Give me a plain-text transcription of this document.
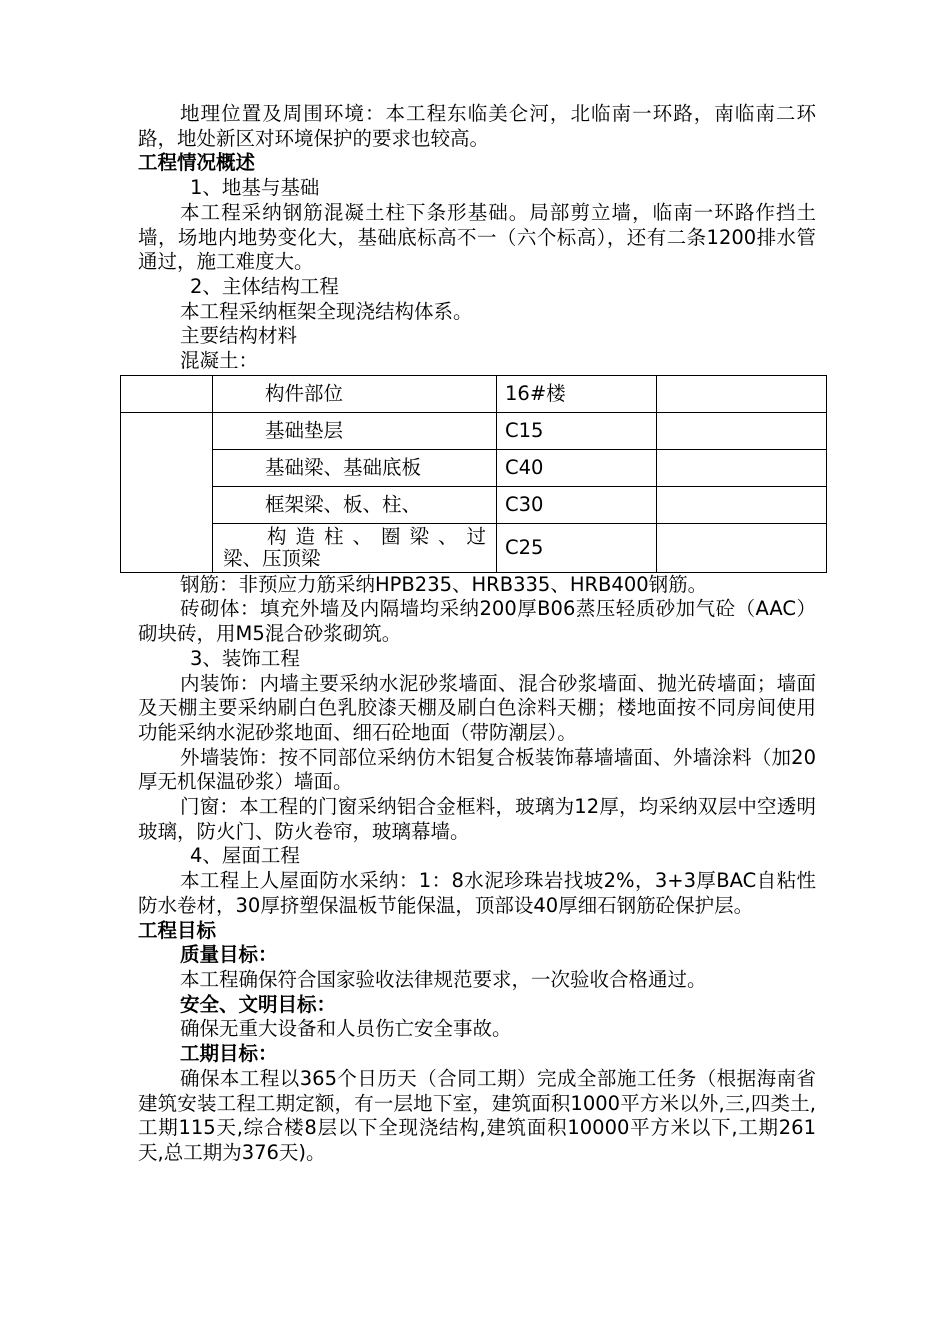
地理位置及周围环境：本工程东临美仑河，北临南一环路，南临南二环路，地处新区对环境保护的要求也较高。

工程情况概述

1、地基与基础

本工程采纳钢筋混凝土柱下条形基础。局部剪立墙，临南一环路作挡土墙，场地内地势变化大，基础底标高不一（六个标高），还有二条1200排水管通过，施工难度大。

2、主体结构工程

本工程采纳框架全现浇结构体系。

主要结构材料

混凝土：

	构件部位	16#楼	
	基础垫层	C15	
	基础梁、基础底板	C40	
	框架梁、板、柱、	C30	

	构造柱、圈梁、过
梁、压顶梁	C25	

钢筋：非预应力筋采纳HPB235、HRB335、HRB400钢筋。

砖砌体：填充外墙及内隔墙均采纳200厚B06蒸压轻质砂加气砼（AAC）砌块砖，用M5混合砂浆砌筑。

3、装饰工程

内装饰：内墙主要采纳水泥砂浆墙面、混合砂浆墙面、抛光砖墙面；墙面及天棚主要采纳刷白色乳胶漆天棚及刷白色涂料天棚；楼地面按不同房间使用功能采纳水泥砂浆地面、细石砼地面（带防潮层）。

外墙装饰：按不同部位采纳仿木铝复合板装饰幕墙墙面、外墙涂料（加20厚无机保温砂浆）墙面。

门窗：本工程的门窗采纳铝合金框料，玻璃为12厚，均采纳双层中空透明玻璃，防火门、防火卷帘，玻璃幕墙。

4、屋面工程

本工程上人屋面防水采纳：1：8水泥珍珠岩找坡2%，3+3厚BAC自粘性防水卷材，30厚挤塑保温板节能保温，顶部设40厚细石钢筋砼保护层。

工程目标

质量目标：

本工程确保符合国家验收法律规范要求，一次验收合格通过。

安全、文明目标：

确保无重大设备和人员伤亡安全事故。

工期目标：

确保本工程以365个日历天（合同工期）完成全部施工任务（根据海南省建筑安装工程工期定额，有一层地下室，建筑面积1000平方米以外,三,四类土,工期115天,综合楼8层以下全现浇结构,建筑面积10000平方米以下,工期261天,总工期为376天)。
